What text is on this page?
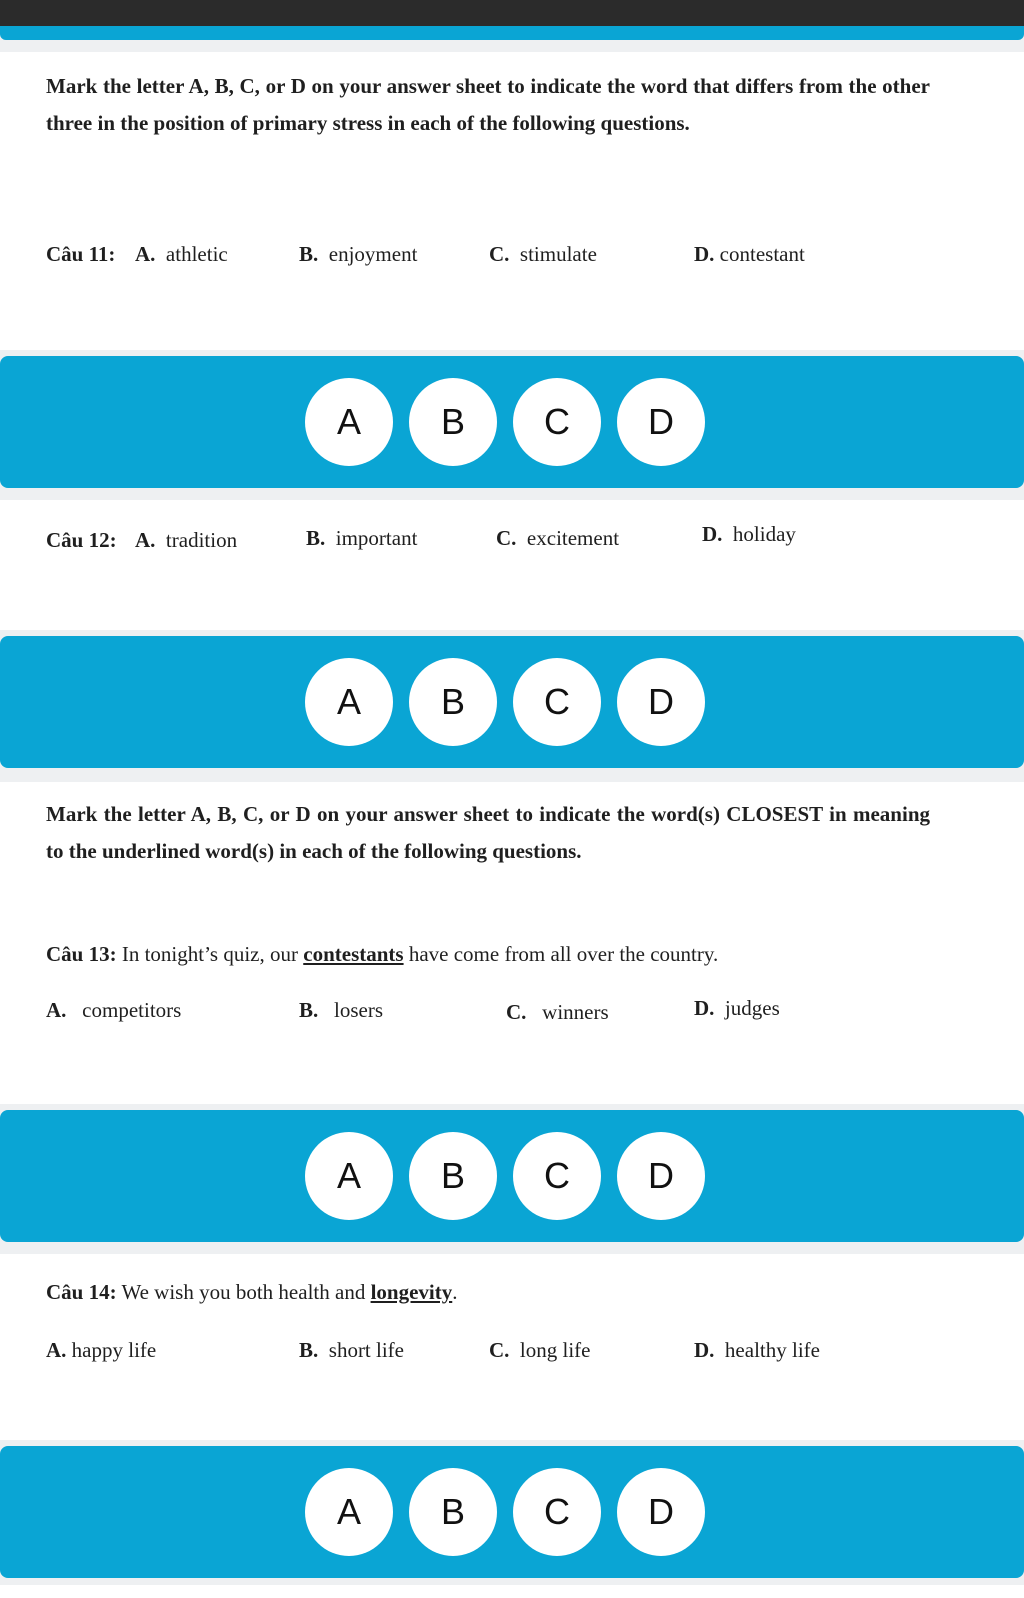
Mark the letter A, B, C, or D on your answer sheet to indicate the word that differs from the other three in the position of primary stress in each of the following questions.

Câu 11: A. athletic	B. enjoyment	C. stimulate	D. contestant
A	B	C	D
Câu 12: A. tradition	B. important	C. excitement	D. holiday
A	B	C	D

Mark the letter A, B, C, or D on your answer sheet to indicate the word(s) CLOSEST in meaning to the underlined word(s) in each of the following questions.

Câu 13: In tonight’s quiz, our contestants have come from all over the country.
A. competitors	B. losers	C. winners	D. judges
A	B	C	D
Câu 14: We wish you both health and longevity.
A. happy life	B. short life	C. long life	D. healthy life
A	B	C	D
